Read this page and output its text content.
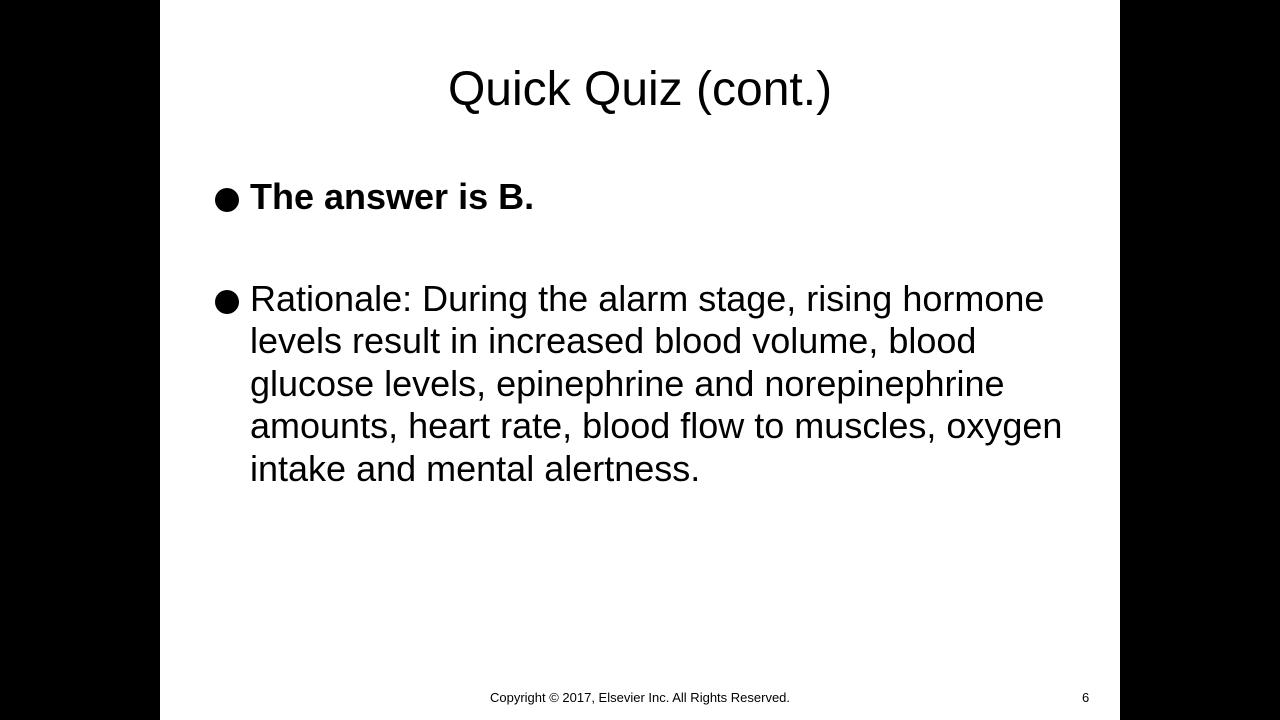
Quick Quiz (cont.)
The answer is B.
Rationale: During the alarm stage, rising hormone levels result in increased blood volume, blood glucose levels, epinephrine and norepinephrine amounts, heart rate, blood flow to muscles, oxygen intake and mental alertness.
Copyright © 2017, Elsevier Inc. All Rights Reserved.	6
